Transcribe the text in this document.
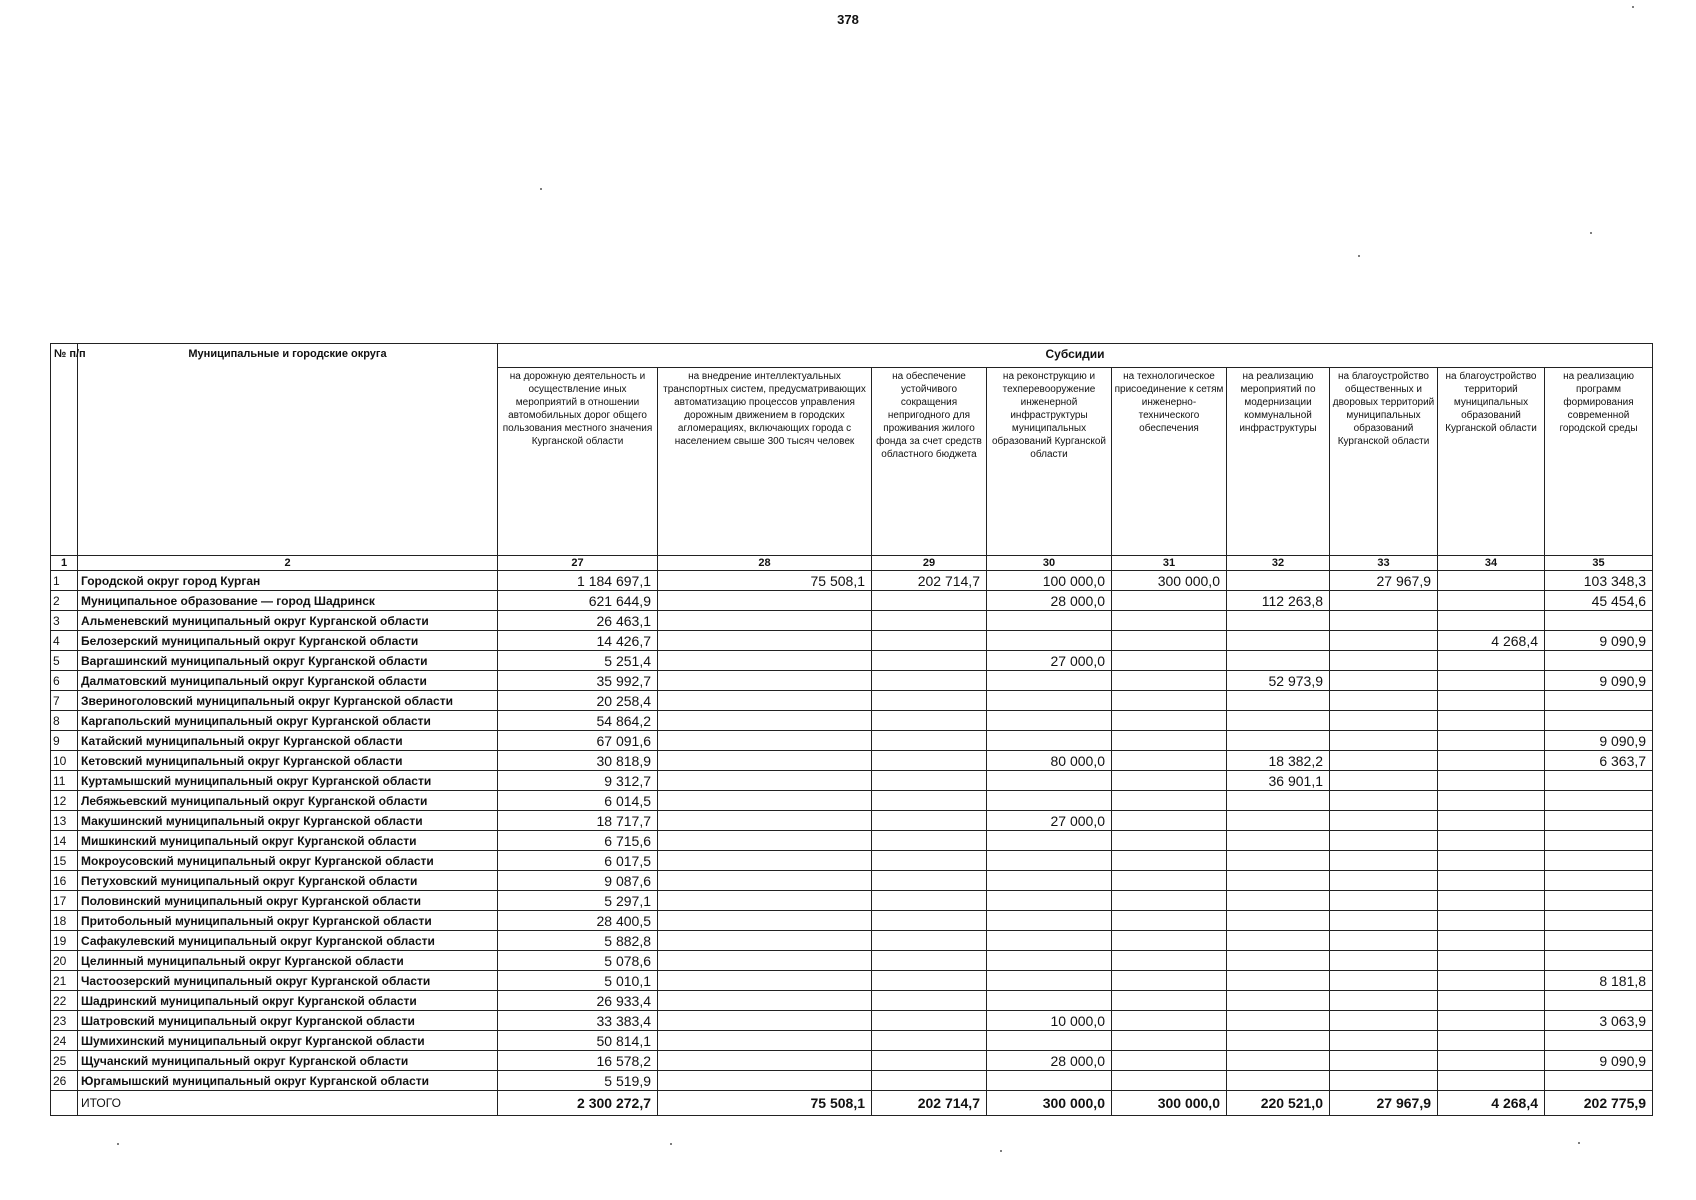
378
№ п/п	Муниципальные и городские округа	Субсидии								
		на дорожную деятельность и осуществление иных мероприятий в отношении автомобильных дорог общего пользования местного значения Курганской области	на внедрение интеллектуальных транспортных систем, предусматривающих автоматизацию процессов управления дорожным движением в городских агломерациях, включающих города с населением свыше 300 тысяч человек	на обеспечение устойчивого сокращения непригодного для проживания жилого фонда за счет средств областного бюджета	на реконструкцию и техперевооружение инженерной инфраструктуры муниципальных образований Курганской области	на технологическое присоединение к сетям инженерно-технического обеспечения	на реализацию мероприятий по модернизации коммунальной инфраструктуры	на благоустройство общественных и дворовых территорий муниципальных образований Курганской области	на благоустройство территорий муниципальных образований Курганской области	на реализацию программ формирования современной городской среды
1	2	27	28	29	30	31	32	33	34	35
1	Городской округ город Курган	1 184 697,1	75 508,1	202 714,7	100 000,0	300 000,0		27 967,9		103 348,3
2	Муниципальное образование — город Шадринск	621 644,9			28 000,0		112 263,8			45 454,6
3	Альменевский муниципальный округ Курганской области	26 463,1								
4	Белозерский муниципальный округ Курганской области	14 426,7							4 268,4	9 090,9
5	Варгашинский муниципальный округ Курганской области	5 251,4			27 000,0					
6	Далматовский муниципальный округ Курганской области	35 992,7					52 973,9			9 090,9
7	Звериноголовский муниципальный округ Курганской области	20 258,4								
8	Каргапольский муниципальный округ Курганской области	54 864,2								
9	Катайский муниципальный округ Курганской области	67 091,6								9 090,9
10	Кетовский муниципальный округ Курганской области	30 818,9			80 000,0		18 382,2			6 363,7
11	Куртамышский муниципальный округ Курганской области	9 312,7					36 901,1			
12	Лебяжьевский муниципальный округ Курганской области	6 014,5								
13	Макушинский муниципальный округ Курганской области	18 717,7			27 000,0					
14	Мишкинский муниципальный округ Курганской области	6 715,6								
15	Мокроусовский муниципальный округ Курганской области	6 017,5								
16	Петуховский муниципальный округ Курганской области	9 087,6								
17	Половинский муниципальный округ Курганской области	5 297,1								
18	Притобольный муниципальный округ Курганской области	28 400,5								
19	Сафакулевский муниципальный округ Курганской области	5 882,8								
20	Целинный муниципальный округ Курганской области	5 078,6								
21	Частоозерский муниципальный округ Курганской области	5 010,1								8 181,8
22	Шадринский муниципальный округ Курганской области	26 933,4								
23	Шатровский муниципальный округ Курганской области	33 383,4			10 000,0					3 063,9
24	Шумихинский муниципальный округ Курганской области	50 814,1								
25	Щучанский муниципальный округ Курганской области	16 578,2			28 000,0					9 090,9
26	Юргамышский муниципальный округ Курганской области	5 519,9								
	ИТОГО	2 300 272,7	75 508,1	202 714,7	300 000,0	300 000,0	220 521,0	27 967,9	4 268,4	202 775,9
